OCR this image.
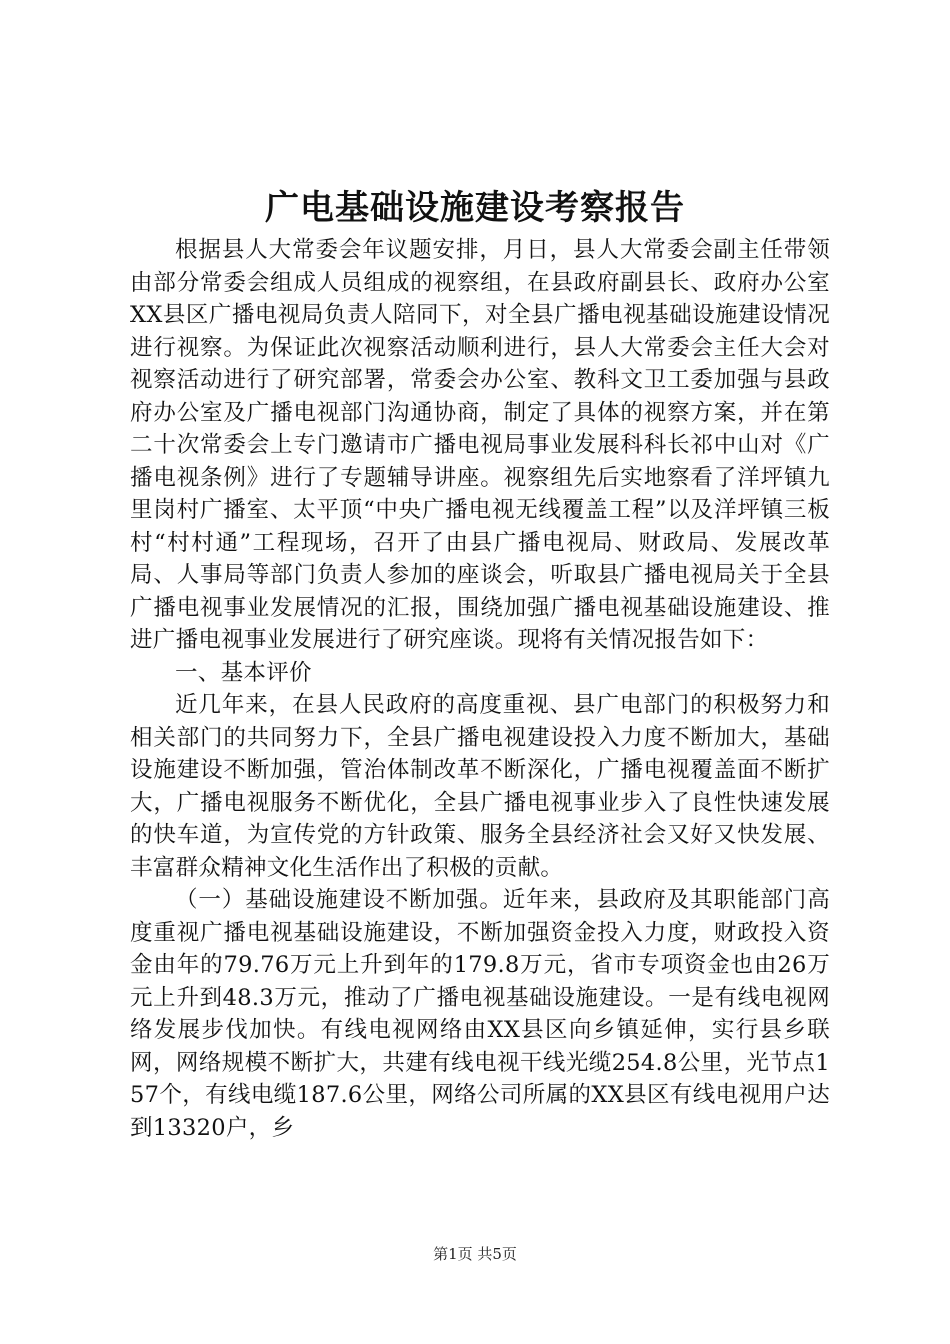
广电基础设施建设考察报告

根据县人大常委会年议题安排，月日，县人大常委会副主任带领由部分常委会组成人员组成的视察组，在县政府副县长、政府办公室XX县区广播电视局负责人陪同下，对全县广播电视基础设施建设情况进行视察。为保证此次视察活动顺利进行，县人大常委会主任大会对视察活动进行了研究部署，常委会办公室、教科文卫工委加强与县政府办公室及广播电视部门沟通协商，制定了具体的视察方案，并在第二十次常委会上专门邀请市广播电视局事业发展科科长祁中山对《广播电视条例》进行了专题辅导讲座。视察组先后实地察看了洋坪镇九里岗村广播室、太平顶“中央广播电视无线覆盖工程”以及洋坪镇三板村“村村通”工程现场，召开了由县广播电视局、财政局、发展改革局、人事局等部门负责人参加的座谈会，听取县广播电视局关于全县广播电视事业发展情况的汇报，围绕加强广播电视基础设施建设、推进广播电视事业发展进行了研究座谈。现将有关情况报告如下：

一、基本评价

近几年来，在县人民政府的高度重视、县广电部门的积极努力和相关部门的共同努力下，全县广播电视建设投入力度不断加大，基础设施建设不断加强，管治体制改革不断深化，广播电视覆盖面不断扩大，广播电视服务不断优化，全县广播电视事业步入了良性快速发展的快车道，为宣传党的方针政策、服务全县经济社会又好又快发展、丰富群众精神文化生活作出了积极的贡献。

（一）基础设施建设不断加强。近年来，县政府及其职能部门高度重视广播电视基础设施建设，不断加强资金投入力度，财政投入资金由年的79.76万元上升到年的179.8万元，省市专项资金也由26万元上升到48.3万元，推动了广播电视基础设施建设。一是有线电视网络发展步伐加快。有线电视网络由XX县区向乡镇延伸，实行县乡联网，网络规模不断扩大，共建有线电视干线光缆254.8公里，光节点157个，有线电缆187.6公里，网络公司所属的XX县区有线电视用户达到13320户，乡

第1页 共5页
